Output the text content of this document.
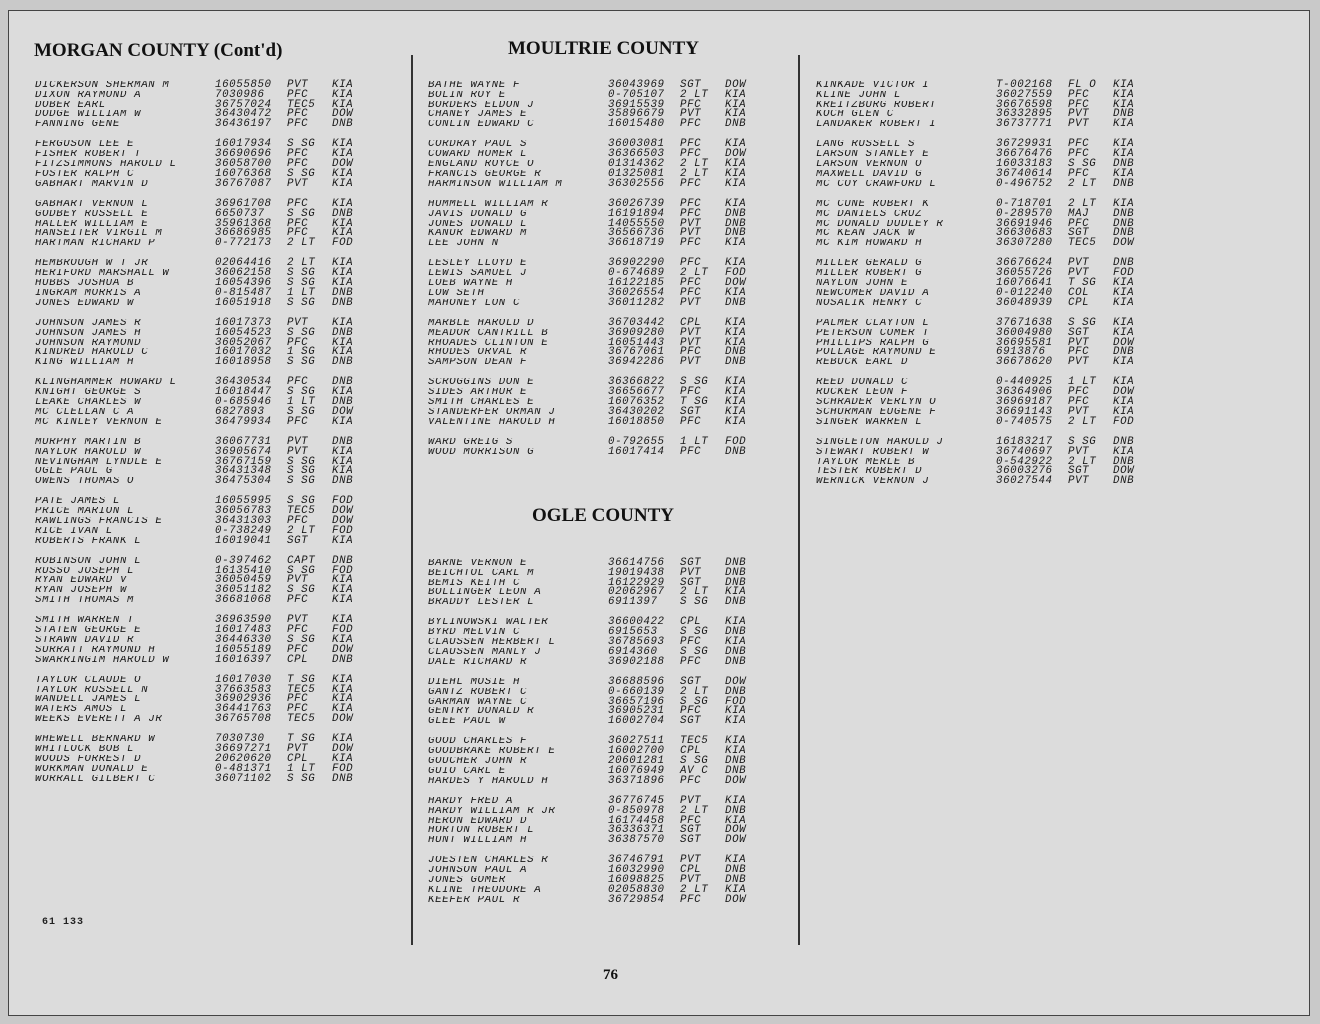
MORGAN COUNTY (Cont'd)
DICKERSON SHERMAN M	16055850	PVT	KIA
DIXON RAYMOND A	7030986	PFC	KIA
DOBER EARL	36757024	TEC5	KIA
DODGE WILLIAM W	36430472	PFC	DOW
FANNING GENE	36436197	PFC	DNB
FERGUSON LEE E	16017934	S SG	KIA
FISHER ROBERT T	36690696	PFC	KIA
FITZSIMMONS HAROLD L	36058700	PFC	DOW
FOSTER RALPH C	16076368	S SG	KIA
GABHART MARVIN D	36767087	PVT	KIA
GABHART VERNON L	36961708	PFC	KIA
GODBEY RUSSELL E	6650737	S SG	DNB
HALLER WILLIAM E	35961368	PFC	KIA
HANSEITER VIRGIL M	36686985	PFC	KIA
HARTMAN RICHARD P	0-772173	2 LT	FOD
HEMBROUGH W T JR	02064416	2 LT	KIA
HERIFORD MARSHALL W	36062158	S SG	KIA
HUBBS JOSHUA B	16054396	S SG	KIA
INGRAM MORRIS A	0-815487	1 LT	DNB
JONES EDWARD W	16051918	S SG	DNB
JOHNSON JAMES R	16017373	PVT	KIA
JOHNSON JAMES H	16054523	S SG	DNB
JOHNSON RAYMOND	36052067	PFC	KIA
KINDRED HAROLD C	16017032	1 SG	KIA
KING WILLIAM H	16018958	S SG	DNB
KLINGHAMMER HOWARD L	36430534	PFC	DNB
KNIGHT GEORGE S	16018447	S SG	KIA
LEAKE CHARLES W	0-685946	1 LT	DNB
MC CLELLAN C A	6827893	S SG	DOW
MC KINLEY VERNON E	36479934	PFC	KIA
MURPHY MARTIN B	36067731	PVT	DNB
NAYLOR HAROLD W	36905674	PVT	KIA
NEVINGHAM LYNDLE E	36767159	S SG	KIA
OGLE PAUL G	36431348	S SG	KIA
OWENS THOMAS O	36475304	S SG	DNB
PATE JAMES L	16055995	S SG	FOD
PRICE MARION L	36056783	TEC5	DOW
RAWLINGS FRANCIS E	36431303	PFC	DOW
RICE IVAN L	0-738249	2 LT	FOD
ROBERTS FRANK L	16019041	SGT	KIA
ROBINSON JOHN L	0-397462	CAPT	DNB
RUSSO JOSEPH L	16135410	S SG	FOD
RYAN EDWARD V	36050459	PVT	KIA
RYAN JOSEPH W	36051182	S SG	KIA
SMITH THOMAS M	36681068	PFC	KIA
SMITH WARREN T	36963590	PVT	KIA
STATEN GEORGE E	16017483	PFC	FOD
STRAWN DAVID R	36446330	S SG	KIA
SURRATT RAYMOND H	16055189	PFC	DOW
SWARRINGIM HAROLD W	16016397	CPL	DNB
TAYLOR CLAUDE O	16017030	T SG	KIA
TAYLOR RUSSELL N	37663583	TEC5	KIA
WANDELL JAMES L	36902936	PFC	KIA
WATERS AMOS L	36441763	PFC	KIA
WEEKS EVERETT A JR	36765708	TEC5	DOW
WHEWELL BERNARD W	7030730	T SG	KIA
WHITLOCK BOB L	36697271	PVT	DOW
WOODS FORREST D	20620620	CPL	KIA
WORKMAN DONALD E	0-481371	1 LT	FOD
WORRALL GILBERT C	36071102	S SG	DNB
MOULTRIE COUNTY
BATHE WAYNE F	36043969	SGT	DOW
BOLIN ROY E	0-705107	2 LT	KIA
BORDERS ELDON J	36915539	PFC	KIA
CHANEY JAMES E	35896679	PVT	KIA
CONLIN EDWARD C	16015480	PFC	DNB
CORDRAY PAUL S	36003081	PFC	KIA
COWARD HOMER L	36366503	PFC	DOW
ENGLAND ROYCE O	01314362	2 LT	KIA
FRANCIS GEORGE R	01325081	2 LT	KIA
HARMINSON WILLIAM M	36302556	PFC	KIA
HUMMELL WILLIAM R	36026739	PFC	KIA
JAVIS DONALD G	16191894	PFC	DNB
JONES DONALD L	14055550	PVT	DNB
KANUR EDWARD M	36566736	PVT	DNB
LEE JOHN N	36618719	PFC	KIA
LESLEY LLOYD E	36902290	PFC	KIA
LEWIS SAMUEL J	0-674689	2 LT	FOD
LOEB WAYNE H	16122185	PFC	DOW
LOW SETH	36026554	PFC	KIA
MAHONEY LON C	36011282	PVT	DNB
MARBLE HAROLD D	36703442	CPL	KIA
MEADOR CANTRILL B	36909280	PVT	KIA
RHOADES CLINTON E	16051443	PVT	KIA
RHODES ORVAL R	36767061	PFC	DNB
SAMPSON DEAN F	36942286	PVT	DNB
SCROGGINS DON E	36366822	S SG	KIA
SIDES ARTHUR E	36656677	PFC	KIA
SMITH CHARLES E	16076352	T SG	KIA
STANDERFER ORMAN J	36430202	SGT	KIA
VALENTINE HAROLD H	16018850	PFC	KIA
WARD GREIG S	0-792655	1 LT	FOD
WOOD MORRISON G	16017414	PFC	DNB
OGLE COUNTY
BARNE VERNON E	36614756	SGT	DNB
BEICHTOL CARL M	19019438	PVT	DNB
BEMIS KEITH C	16122929	SGT	DNB
BOLLINGER LEON A	02062967	2 LT	KIA
BRADDY LESTER L	6911397	S SG	DNB
BYLINOWSKI WALTER	36600422	CPL	KIA
BYRD MELVIN C	6915653	S SG	DNB
CLAUSSEN HERBERT L	36785693	PFC	KIA
CLAUSSEN MANLY J	6914360	S SG	DNB
DALE RICHARD R	36902188	PFC	DNB
DIEHL MOSIE H	36688596	SGT	DOW
GANTZ ROBERT C	0-660139	2 LT	DNB
GARMAN WAYNE C	36657196	S SG	FOD
GENTRY DONALD R	36905231	PFC	KIA
GLEE PAUL W	16002704	SGT	KIA
GOOD CHARLES F	36027511	TEC5	KIA
GOODBRAKE ROBERT E	16002700	CPL	KIA
GOUCHER JOHN R	20601281	S SG	DNB
GUIO CARL E	16076949	AV C	DNB
HARDES Y HAROLD H	36371896	PFC	DOW
HARDY FRED A	36776745	PVT	KIA
HARDY WILLIAM R JR	0-850978	2 LT	DNB
HERON EDWARD D	16174458	PFC	KIA
HORTON ROBERT L	36336371	SGT	DOW
HUNT WILLIAM H	36387570	SGT	DOW
JOESTEN CHARLES R	36746791	PVT	KIA
JOHNSON PAUL A	16032990	CPL	DNB
JONES GOMER	16098825	PVT	DNB
KLINE THEODORE A	02058830	2 LT	KIA
KEEFER PAUL R	36729854	PFC	DOW
KINKADE VICTOR I	T-002168	FL O	KIA
KLINE JOHN L	36027559	PFC	KIA
KREITZBURG ROBERT	36676598	PFC	KIA
KOCH GLEN C	36332895	PVT	DNB
LANDAKER ROBERT I	36737771	PVT	KIA
LANG RUSSELL S	36729931	PFC	KIA
LARSON STANLEY E	36676476	PFC	KIA
LARSON VERNON O	16033183	S SG	DNB
MAXWELL DAVID G	36740614	PFC	KIA
MC COY CRAWFORD L	0-496752	2 LT	DNB
MC CUNE ROBERT K	0-718701	2 LT	KIA
MC DANIELS CRUZ	0-289570	MAJ	DNB
MC DONALD DUDLEY R	36691946	PFC	DNB
MC KEAN JACK W	36630683	SGT	DNB
MC KIM HOWARD H	36307280	TEC5	DOW
MILLER GERALD G	36676624	PVT	DNB
MILLER ROBERT G	36055726	PVT	FOD
NAYLON JOHN E	16076641	T SG	KIA
NEWCOMER DAVID A	0-012240	COL	KIA
NOSALIK HENRY C	36048939	CPL	KIA
PALMER CLAYTON L	37671638	S SG	KIA
PETERSON COMER T	36004980	SGT	KIA
PHILLIPS RALPH G	36695581	PVT	DOW
POLLAGE RAYMOND E	6913876	PFC	DNB
REBUCK EARL D	36678620	PVT	KIA
REED DONALD C	0-440925	1 LT	KIA
RUCKER LEON F	36364906	PFC	DOW
SCHRADER VERLYN O	36969187	PFC	KIA
SCHURMAN EUGENE F	36691143	PVT	KIA
SINGER WARREN L	0-740575	2 LT	FOD
SINGLETON HAROLD J	16183217	S SG	DNB
STEWART ROBERT W	36740697	PVT	KIA
TAYLOR MERLE B	0-542922	2 LT	DNB
TESTER ROBERT D	36003276	SGT	DOW
WERNICK VERNON J	36027544	PVT	DNB
61 133
76
